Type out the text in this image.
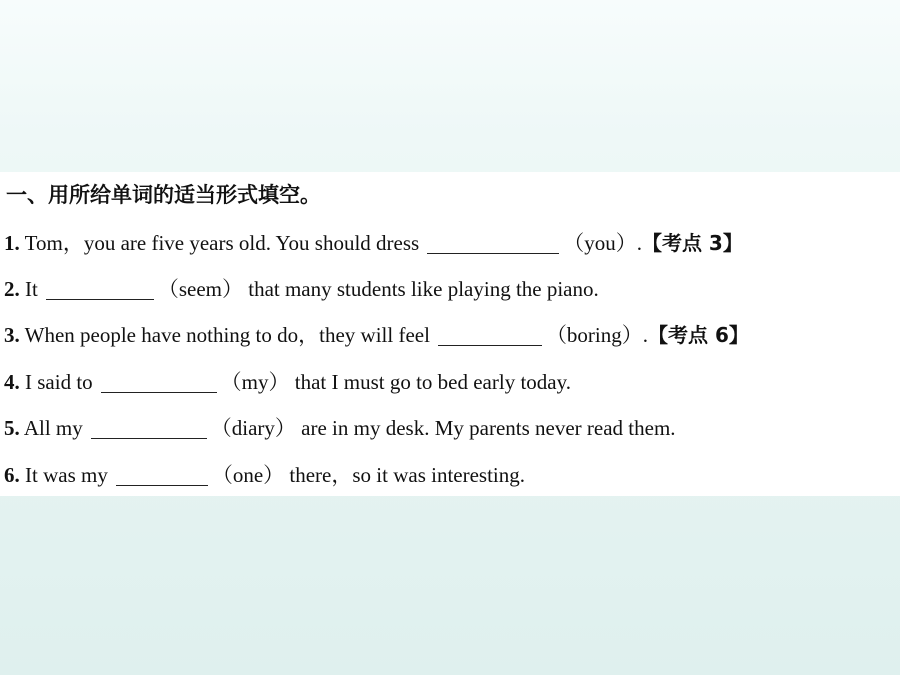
一、用所给单词的适当形式填空。
1. Tom，you are five years old. You should dress	（you）.【考点 3】
2. It	（seem） that many students like playing the piano.
3. When people have nothing to do，they will feel	（boring）.【考点 6】
4. I said to	（my） that I must go to bed early today.
5. All my	（diary） are in my desk. My parents never read them.
6. It was my	（one） there，so it was interesting.
